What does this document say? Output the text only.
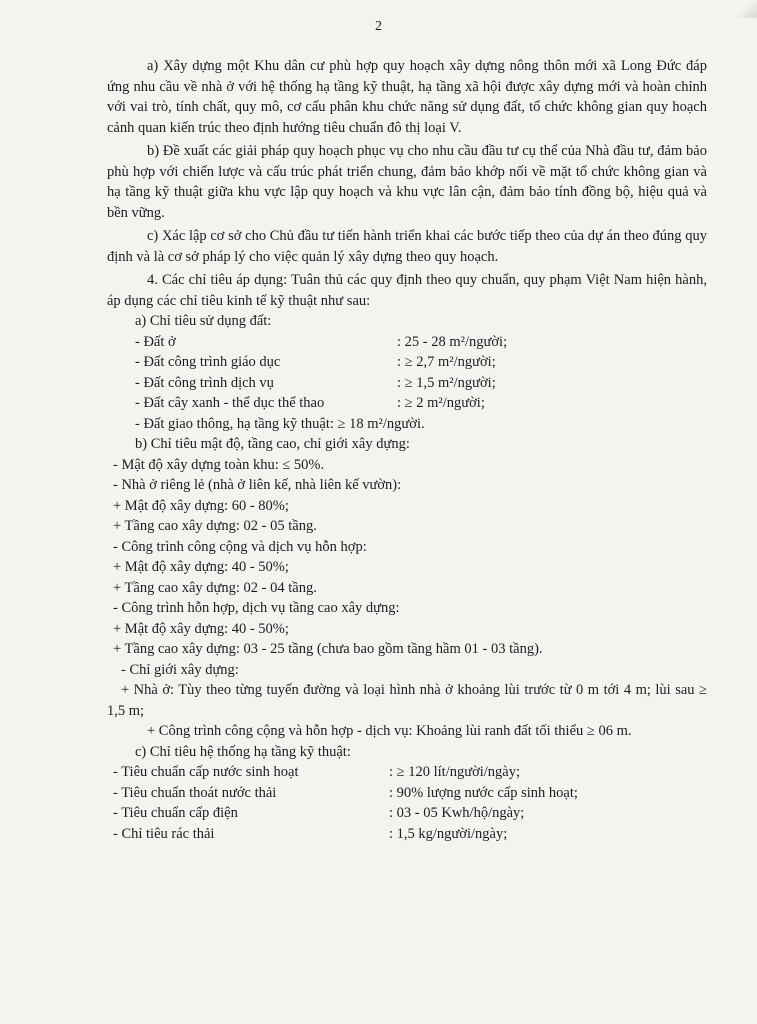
2

a) Xây dựng một Khu dân cư phù hợp quy hoạch xây dựng nông thôn mới xã Long Đức đáp ứng nhu cầu về nhà ở với hệ thống hạ tầng kỹ thuật, hạ tầng xã hội được xây dựng mới và hoàn chỉnh với vai trò, tính chất, quy mô, cơ cấu phân khu chức năng sử dụng đất, tổ chức không gian quy hoạch cảnh quan kiến trúc theo định hướng tiêu chuẩn đô thị loại V.

b) Đề xuất các giải pháp quy hoạch phục vụ cho nhu cầu đầu tư cụ thể của Nhà đầu tư, đảm bảo phù hợp với chiến lược và cấu trúc phát triển chung, đảm bảo khớp nối về mặt tổ chức không gian và hạ tầng kỹ thuật giữa khu vực lập quy hoạch và khu vực lân cận, đảm bảo tính đồng bộ, hiệu quả và bền vững.

c) Xác lập cơ sở cho Chủ đầu tư tiến hành triển khai các bước tiếp theo của dự án theo đúng quy định và là cơ sở pháp lý cho việc quản lý xây dựng theo quy hoạch.

4. Các chỉ tiêu áp dụng: Tuân thủ các quy định theo quy chuẩn, quy phạm Việt Nam hiện hành, áp dụng các chỉ tiêu kinh tế kỹ thuật như sau:

a) Chỉ tiêu sử dụng đất:

- Đất ở	: 25 - 28 m²/người;
- Đất công trình giáo dục	: ≥ 2,7 m²/người;
- Đất công trình dịch vụ	: ≥ 1,5 m²/người;
- Đất cây xanh - thể dục thể thao	: ≥ 2 m²/người;
- Đất giao thông, hạ tầng kỹ thuật : ≥ 18 m²/người.

b) Chỉ tiêu mật độ, tầng cao, chỉ giới xây dựng:

- Mật độ xây dựng toàn khu: ≤ 50%.

- Nhà ở riêng lẻ (nhà ở liên kế, nhà liên kế vườn):

+ Mật độ xây dựng: 60 - 80%;

+ Tầng cao xây dựng: 02 - 05 tầng.

- Công trình công cộng và dịch vụ hỗn hợp:

+ Mật độ xây dựng: 40 - 50%;

+ Tầng cao xây dựng: 02 - 04 tầng.

- Công trình hỗn hợp, dịch vụ tầng cao xây dựng:

+ Mật độ xây dựng: 40 - 50%;

+ Tầng cao xây dựng: 03 - 25 tầng (chưa bao gồm tầng hầm 01 - 03 tầng).

- Chỉ giới xây dựng:

+ Nhà ở: Tùy theo từng tuyến đường và loại hình nhà ở khoảng lùi trước từ 0 m tới 4 m; lùi sau ≥ 1,5 m;

+ Công trình công cộng và hỗn hợp - dịch vụ: Khoảng lùi ranh đất tối thiểu ≥ 06 m.

c) Chỉ tiêu hệ thống hạ tầng kỹ thuật:

- Tiêu chuẩn cấp nước sinh hoạt	: ≥ 120 lít/người/ngày;
- Tiêu chuẩn thoát nước thải	: 90% lượng nước cấp sinh hoạt;
- Tiêu chuẩn cấp điện	: 03 - 05 Kwh/hộ/ngày;
- Chỉ tiêu rác thải	: 1,5 kg/người/ngày;
